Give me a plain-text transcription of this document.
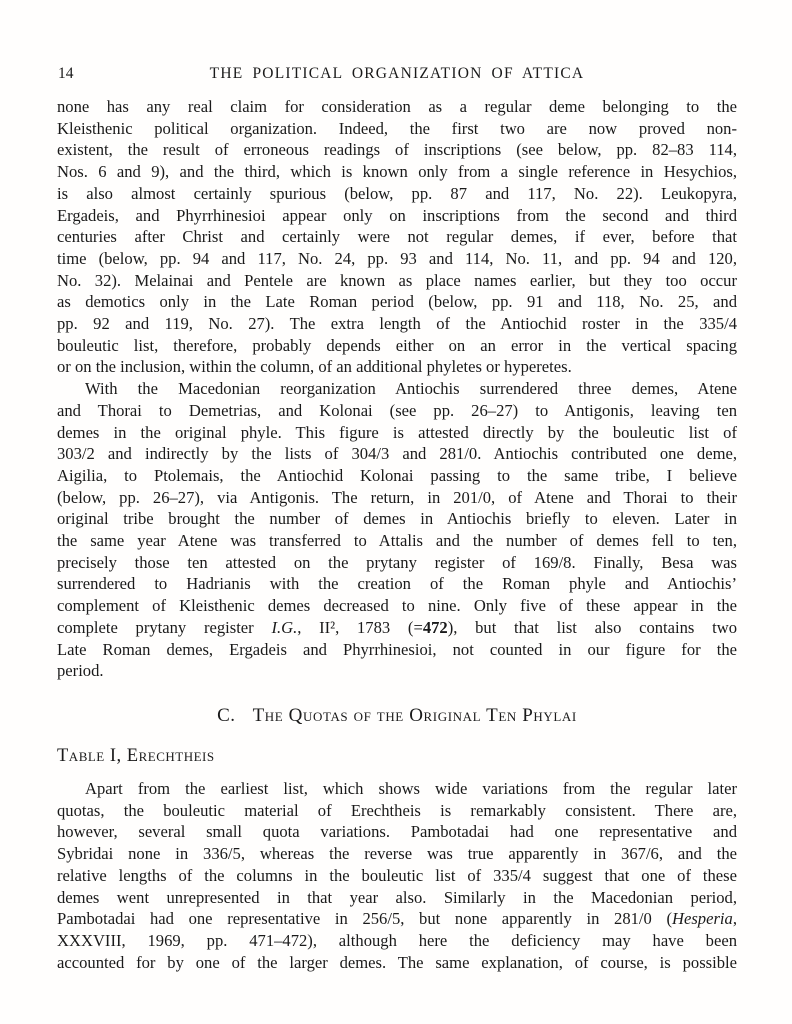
14	THE POLITICAL ORGANIZATION OF ATTICA
none has any real claim for consideration as a regular deme belonging to the
Kleisthenic political organization. Indeed, the first two are now proved non-
existent, the result of erroneous readings of inscriptions (see below, pp. 82–83 114,
Nos. 6 and 9), and the third, which is known only from a single reference in Hesychios,
is also almost certainly spurious (below, pp. 87 and 117, No. 22). Leukopyra,
Ergadeis, and Phyrrhinesioi appear only on inscriptions from the second and third
centuries after Christ and certainly were not regular demes, if ever, before that
time (below, pp. 94 and 117, No. 24, pp. 93 and 114, No. 11, and pp. 94 and 120,
No. 32). Melainai and Pentele are known as place names earlier, but they too occur
as demotics only in the Late Roman period (below, pp. 91 and 118, No. 25, and
pp. 92 and 119, No. 27). The extra length of the Antiochid roster in the 335/4
bouleutic list, therefore, probably depends either on an error in the vertical spacing
or on the inclusion, within the column, of an additional phyletes or hyperetes.
With the Macedonian reorganization Antiochis surrendered three demes, Atene
and Thorai to Demetrias, and Kolonai (see pp. 26–27) to Antigonis, leaving ten
demes in the original phyle. This figure is attested directly by the bouleutic list of
303/2 and indirectly by the lists of 304/3 and 281/0. Antiochis contributed one deme,
Aigilia, to Ptolemais, the Antiochid Kolonai passing to the same tribe, I believe
(below, pp. 26–27), via Antigonis. The return, in 201/0, of Atene and Thorai to their
original tribe brought the number of demes in Antiochis briefly to eleven. Later in
the same year Atene was transferred to Attalis and the number of demes fell to ten,
precisely those ten attested on the prytany register of 169/8. Finally, Besa was
surrendered to Hadrianis with the creation of the Roman phyle and Antiochis’
complement of Kleisthenic demes decreased to nine. Only five of these appear in the
complete prytany register I.G., II², 1783 (=472), but that list also contains two
Late Roman demes, Ergadeis and Phyrrhinesioi, not counted in our figure for the
period.
C. The Quotas of the Original Ten Phylai
Table I, Erechtheis
Apart from the earliest list, which shows wide variations from the regular later
quotas, the bouleutic material of Erechtheis is remarkably consistent. There are,
however, several small quota variations. Pambotadai had one representative and
Sybridai none in 336/5, whereas the reverse was true apparently in 367/6, and the
relative lengths of the columns in the bouleutic list of 335/4 suggest that one of these
demes went unrepresented in that year also. Similarly in the Macedonian period,
Pambotadai had one representative in 256/5, but none apparently in 281/0 (Hesperia,
XXXVIII, 1969, pp. 471–472), although here the deficiency may have been
accounted for by one of the larger demes. The same explanation, of course, is possible
